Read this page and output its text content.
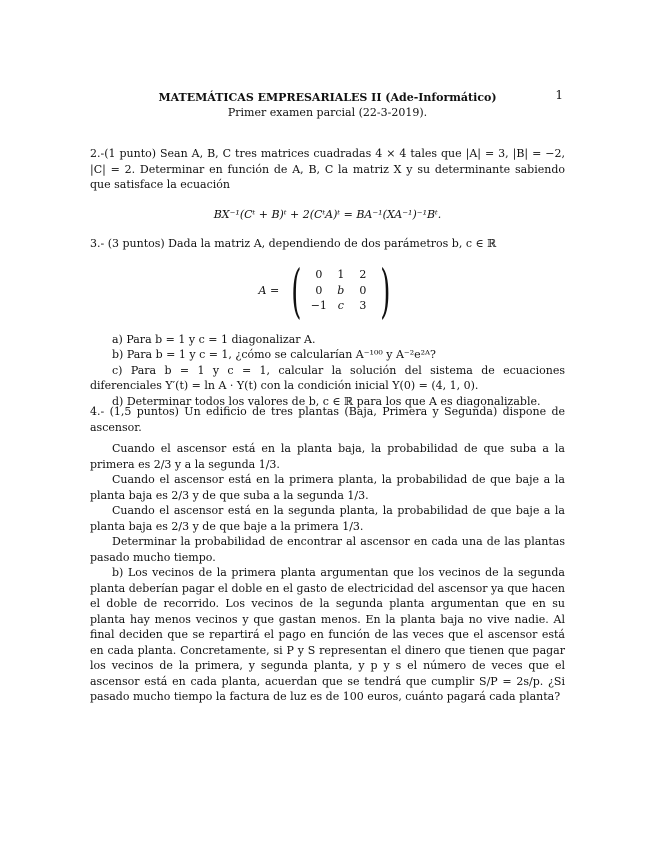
MATEMÁTICAS EMPRESARIALES II (Ade-Informático)
Primer examen parcial (22-3-2019).
1

2.-(1 punto) Sean A, B, C tres matrices cuadradas 4 × 4 tales que |A| = 3, |B| = −2, |C| = 2. Determinar en función de A, B, C la matriz X y su determinante sabiendo que satisface la ecuación

BX⁻¹(Cᵗ + B)ᵗ + 2(CᵗA)ᵗ = BA⁻¹(XA⁻¹)⁻¹Bᵗ.

3.- (3 puntos) Dada la matriz A, dependiendo de dos parámetros b, c ∈ ℝ

A = ( 0	1	2
0	b	0
−1	c	3 )

a) Para b = 1 y c = 1 diagonalizar A.

b) Para b = 1 y c = 1, ¿cómo se calcularían A⁻¹⁰⁰ y A⁻²e²ᴬ?

c) Para b = 1 y c = 1, calcular la solución del sistema de ecuaciones diferenciales Y′(t) = ln A · Y(t) con la condición inicial Y(0) = (4, 1, 0).

d) Determinar todos los valores de b, c ∈ ℝ para los que A es diagonalizable.

4.- (1,5 puntos) Un edificio de tres plantas (Baja, Primera y Segunda) dispone de ascensor.

Cuando el ascensor está en la planta baja, la probabilidad de que suba a la primera es 2/3 y a la segunda 1/3.

Cuando el ascensor está en la primera planta, la probabilidad de que baje a la planta baja es 2/3 y de que suba a la segunda 1/3.

Cuando el ascensor está en la segunda planta, la probabilidad de que baje a la planta baja es 2/3 y de que baje a la primera 1/3.

Determinar la probabilidad de encontrar al ascensor en cada una de las plantas pasado mucho tiempo.

b) Los vecinos de la primera planta argumentan que los vecinos de la segunda planta deberían pagar el doble en el gasto de electricidad del ascensor ya que hacen el doble de recorrido. Los vecinos de la segunda planta argumentan que en su planta hay menos vecinos y que gastan menos. En la planta baja no vive nadie. Al final deciden que se repartirá el pago en función de las veces que el ascensor está en cada planta. Concretamente, si P y S representan el dinero que tienen que pagar los vecinos de la primera, y segunda planta, y p y s el número de veces que el ascensor está en cada planta, acuerdan que se tendrá que cumplir S/P = 2s/p. ¿Si pasado mucho tiempo la factura de luz es de 100 euros, cuánto pagará cada planta?
